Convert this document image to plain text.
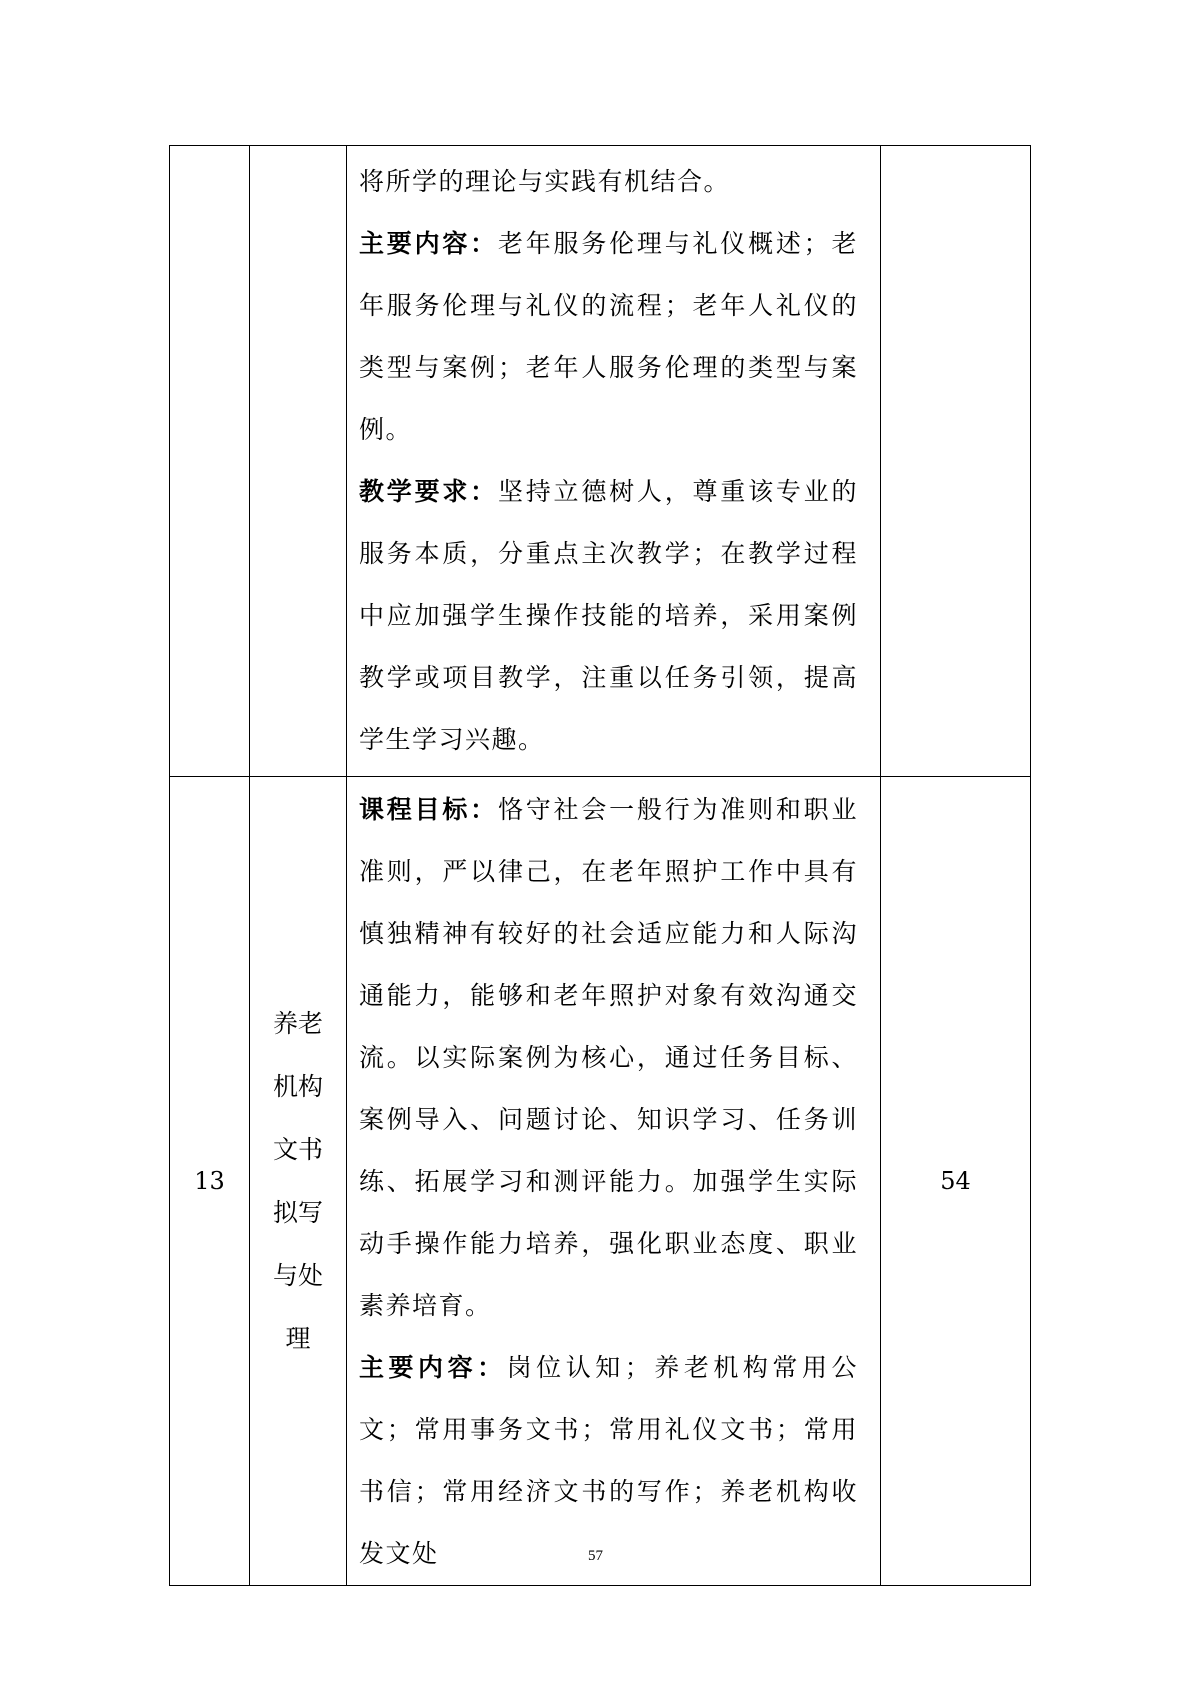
		将所学的理论与实践有机结合。

主要内容：老年服务伦理与礼仪概述；老年服务伦理与礼仪的流程；老年人礼仪的类型与案例；老年人服务伦理的类型与案例。

教学要求：坚持立德树人，尊重该专业的服务本质，分重点主次教学；在教学过程中应加强学生操作技能的培养，采用案例教学或项目教学，注重以任务引领，提高学生学习兴趣。	

13	养老机构文书拟写与处理	课程目标：恪守社会一般行为准则和职业准则，严以律己，在老年照护工作中具有慎独精神有较好的社会适应能力和人际沟通能力，能够和老年照护对象有效沟通交流。以实际案例为核心，通过任务目标、案例导入、问题讨论、知识学习、任务训练、拓展学习和测评能力。加强学生实际动手操作能力培养，强化职业态度、职业素养培育。

主要内容：岗位认知；养老机构常用公文；常用事务文书；常用礼仪文书；常用书信；常用经济文书的写作；养老机构收发文处	54
57
